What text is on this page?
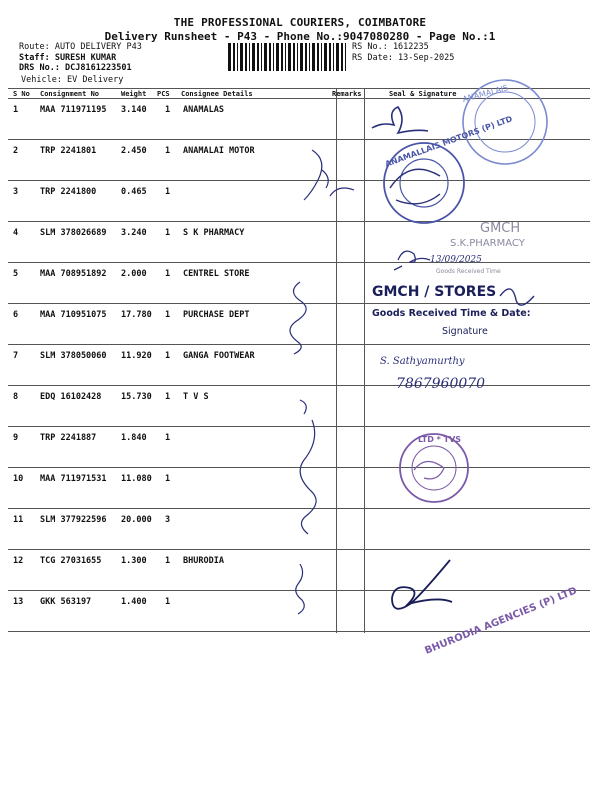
THE PROFESSIONAL COURIERS, COIMBATORE
Delivery Runsheet - P43 - Phone No.:9047080280 - Page No.:1
Route: AUTO DELIVERY P43
Staff: SURESH KUMAR
DRS No.: DCJ8161223501
Vehicle: EV Delivery
RS No.: 1612235
RS Date: 13-Sep-2025
S No Consignment No	Weight PCS Consignee Details	Remarks	Seal & Signature
1	MAA 711971195 3.140 1 ANAMALAS
2	TRP 2241801	2.450 1 ANAMALAI MOTOR
3	TRP 2241800	0.465 1
4	SLM 378026689 3.240 1 S K PHARMACY
5	MAA 708951892 2.000 1 CENTREL STORE
6	MAA 710951075 17.780 1 PURCHASE DEPT
7	SLM 378050060 11.920 1 GANGA FOOTWEAR
8	EDQ 16102428 15.730 1 T V S
9	TRP 2241887	1.840 1
10 MAA 711971531 11.080 1
11 SLM 377922596 20.000 3
12 TCG 27031655 1.300 1 BHURODIA
13 GKK 563197	1.400 1
ANAMALAIS
ANAMALLAIS MOTORS (P) LTD
GMCH
S.K.PHARMACY
13/09/2025
Goods Received Time
GMCH / STORES
Goods Received Time & Date:
Signature
S. Sathyamurthy
7867960070
LTD * TVS
BHURODIA AGENCIES (P) LTD
